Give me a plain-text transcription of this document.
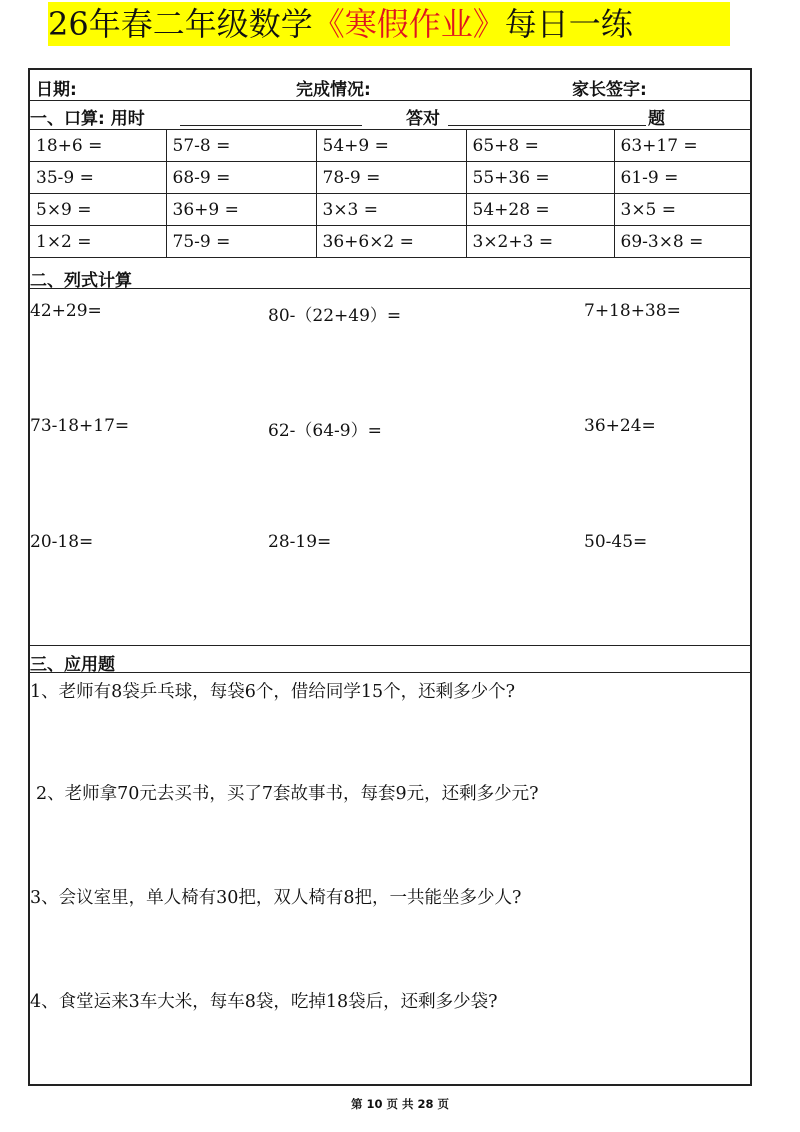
26年春二年级数学《寒假作业》每日一练
日期:	完成情况:	家长签字:
一、口算: 用时	答对	题
18+6 =	57-8 =	54+9 =	65+8 =	63+17 =
35-9 =	68-9 =	78-9 =	55+36 =	61-9 =
5×9 =	36+9 =	3×3 =	54+28 =	3×5 =
1×2 =	75-9 =	36+6×2 =	3×2+3 =	69-3×8 =
二、列式计算
42+29=	80-（22+49）=	7+18+38=
73-18+17=	62-（64-9）=	36+24=
20-18=	28-19=	50-45=
三、应用题
1、老师有8袋乒乓球，每袋6个，借给同学15个，还剩多少个?
2、老师拿70元去买书，买了7套故事书，每套9元，还剩多少元?
3、会议室里，单人椅有30把，双人椅有8把，一共能坐多少人?
4、食堂运来3车大米，每车8袋，吃掉18袋后，还剩多少袋?
第 10 页 共 28 页
